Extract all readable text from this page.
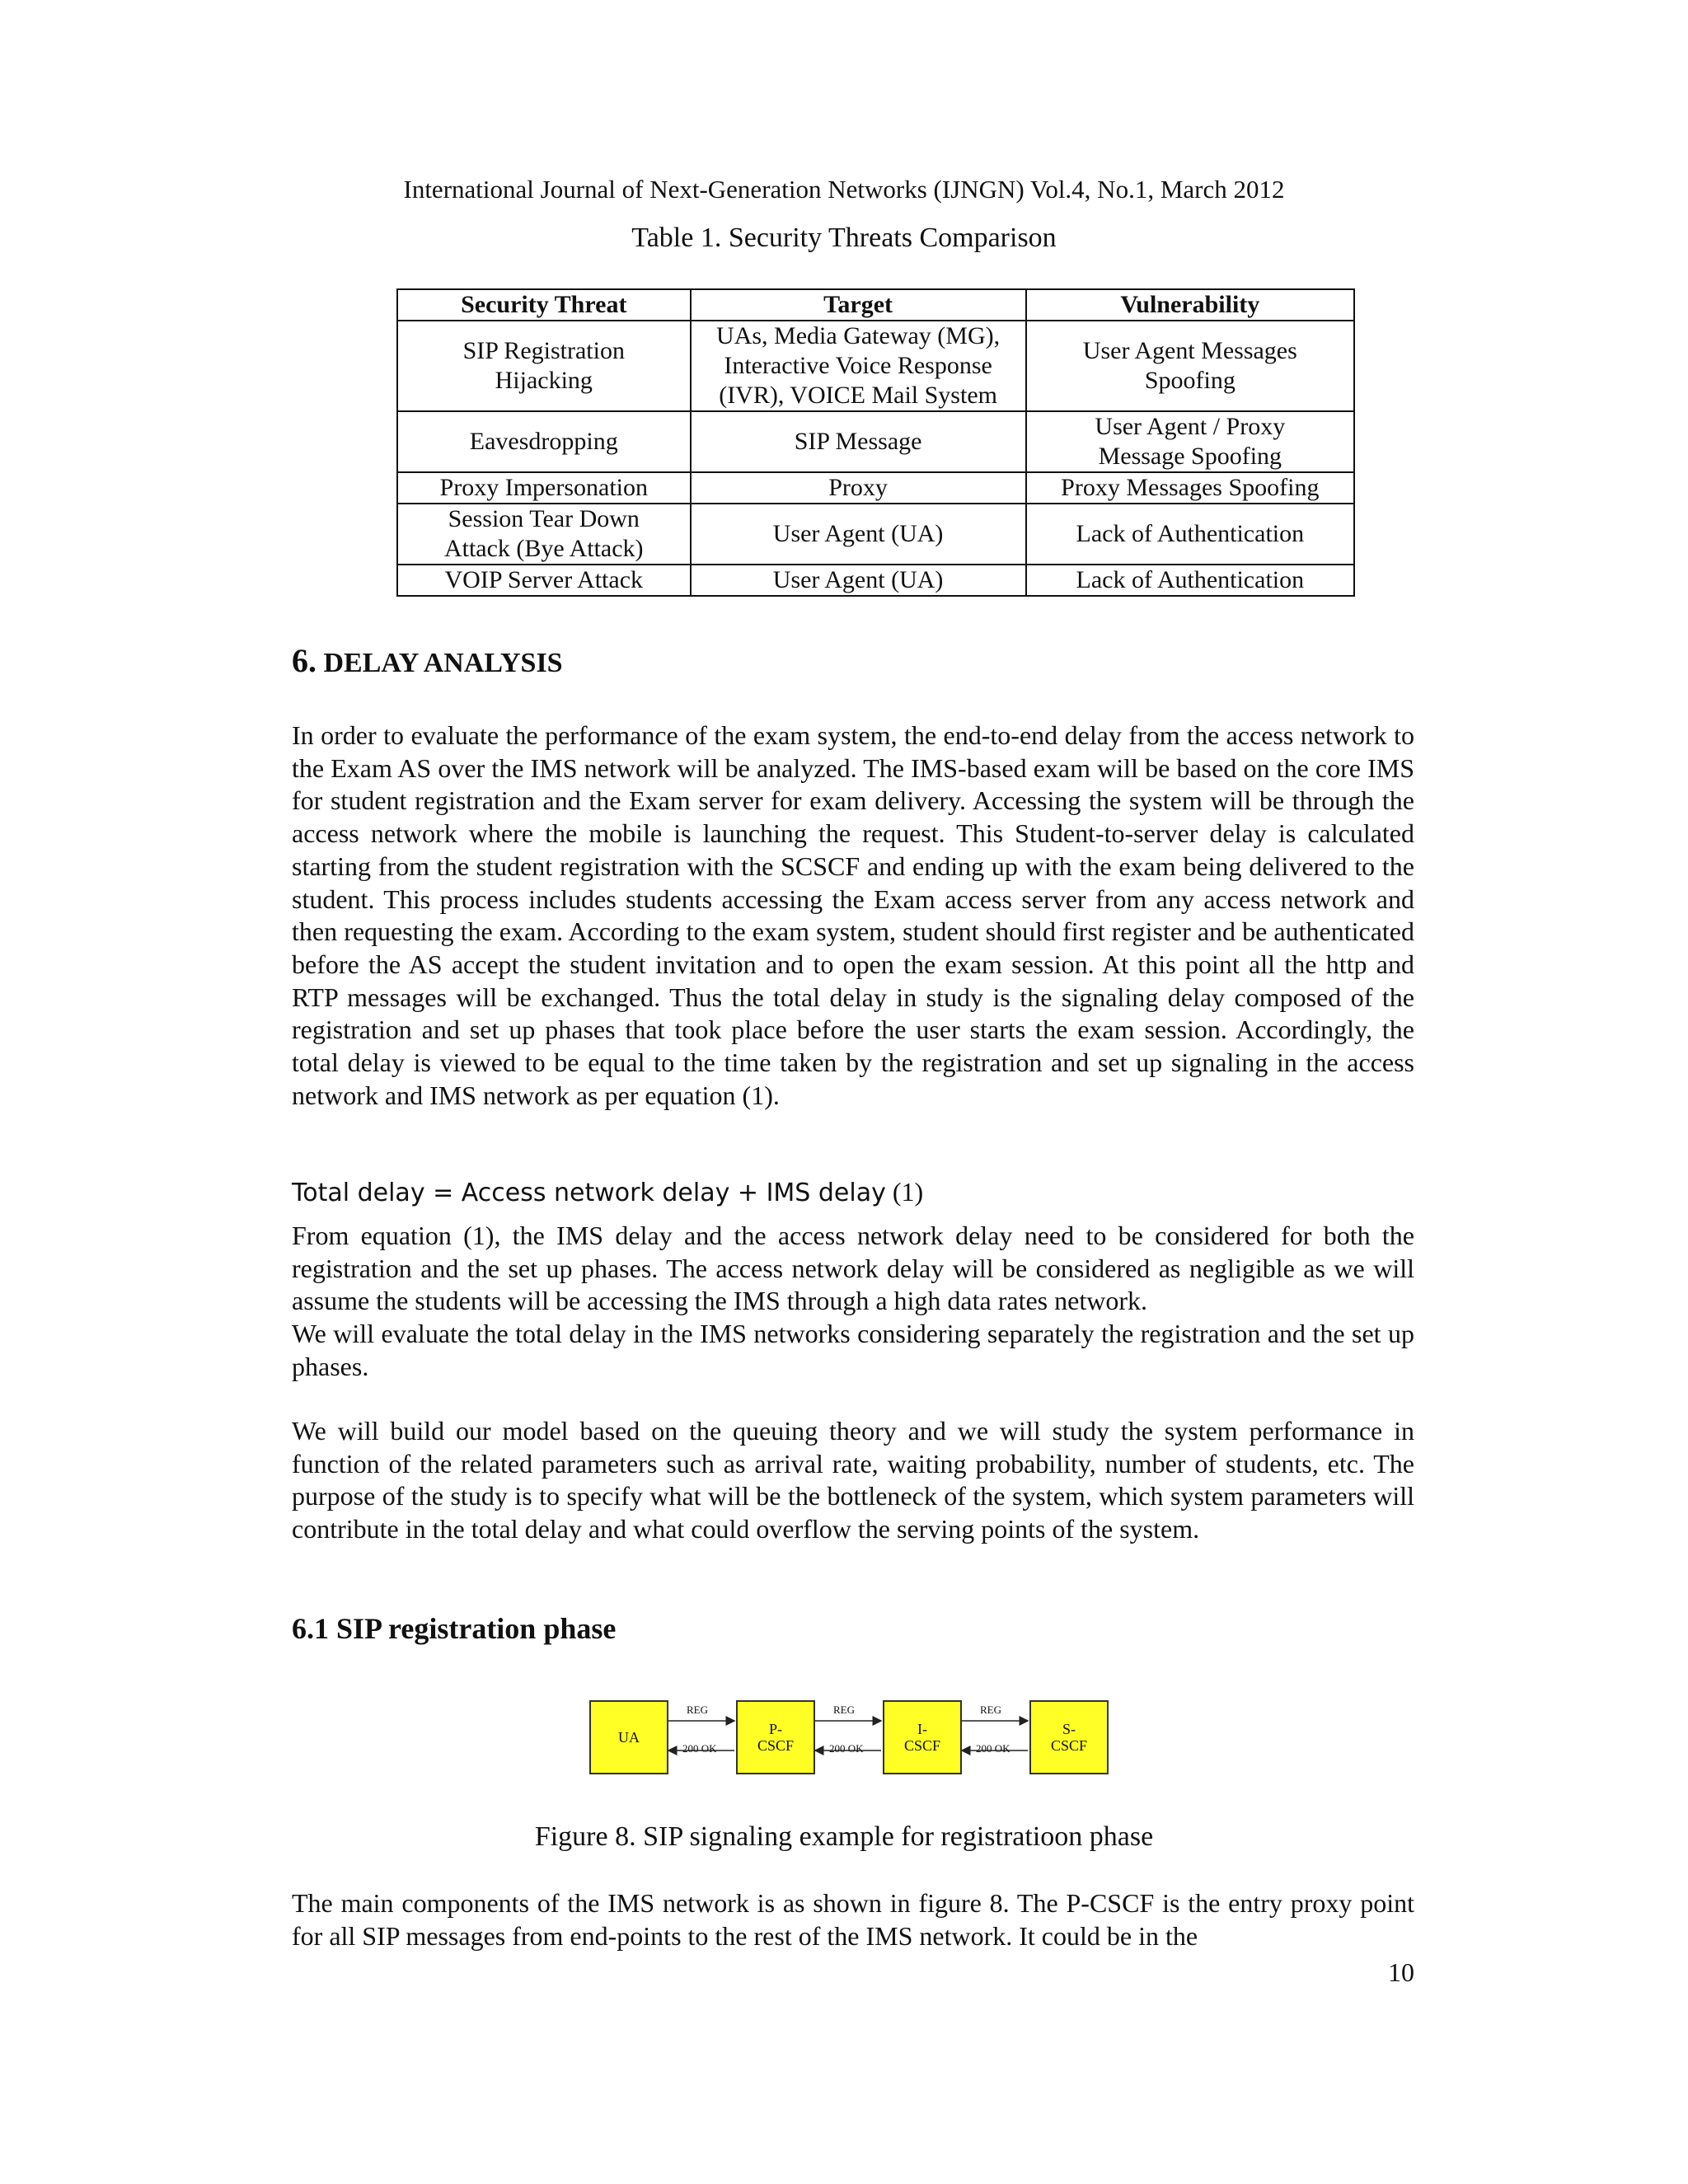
International Journal of Next-Generation Networks (IJNGN) Vol.4, No.1, March 2012
Table 1. Security Threats Comparison
Security Threat	Target	Vulnerability
SIP Registration Hijacking	UAs, Media Gateway (MG), Interactive Voice Response (IVR), VOICE Mail System	User Agent Messages Spoofing
Eavesdropping	SIP Message	User Agent / Proxy Message Spoofing
Proxy Impersonation	Proxy	Proxy Messages Spoofing
Session Tear Down Attack (Bye Attack)	User Agent (UA)	Lack of Authentication
VOIP Server Attack	User Agent (UA)	Lack of Authentication
6. DELAY ANALYSIS

In order to evaluate the performance of the exam system, the end-to-end delay from the access network to the Exam AS over the IMS network will be analyzed. The IMS-based exam will be based on the core IMS for student registration and the Exam server for exam delivery. Accessing the system will be through the access network where the mobile is launching the request. This Student-to-server delay is calculated starting from the student registration with the SCSCF and ending up with the exam being delivered to the student. This process includes students accessing the Exam access server from any access network and then requesting the exam. According to the exam system, student should first register and be authenticated before the AS accept the student invitation and to open the exam session. At this point all the http and RTP messages will be exchanged. Thus the total delay in study is the signaling delay composed of the registration and set up phases that took place before the user starts the exam session. Accordingly, the total delay is viewed to be equal to the time taken by the registration and set up signaling in the access network and IMS network as per equation (1).

Total delay = Access network delay + IMS delay (1)

From equation (1), the IMS delay and the access network delay need to be considered for both the registration and the set up phases. The access network delay will be considered as negligible as we will assume the students will be accessing the IMS through a high data rates network.

We will evaluate the total delay in the IMS networks considering separately the registration and the set up phases.

We will build our model based on the queuing theory and we will study the system performance in function of the related parameters such as arrival rate, waiting probability, number of students, etc. The purpose of the study is to specify what will be the bottleneck of the system, which system parameters will contribute in the total delay and what could overflow the serving points of the system.

6.1 SIP registration phase
UA	P-
CSCF
I-
CSCF
S-
CSCF
REG
200 OK
REG
200 OK
REG
200 OK
Figure 8. SIP signaling example for registratioon phase

The main components of the IMS network is as shown in figure 8. The P-CSCF is the entry proxy point for all SIP messages from end-points to the rest of the IMS network. It could be in the

10
